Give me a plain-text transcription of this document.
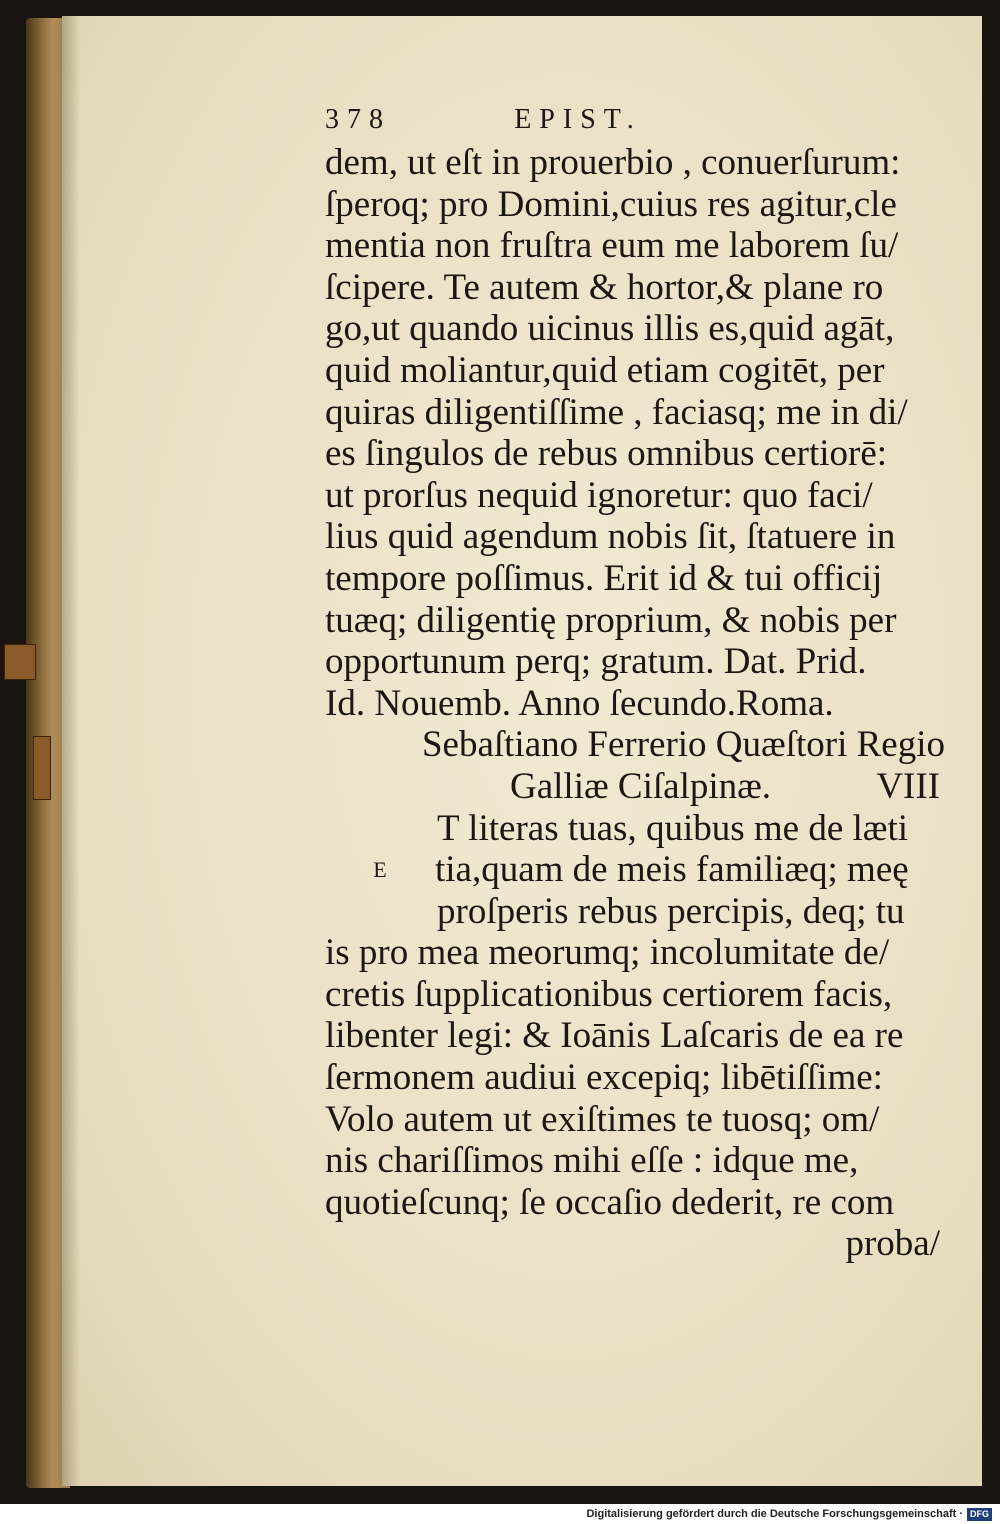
378	EPIST.
dem, ut eſt in prouerbio , conuerſurum:
ſperoq; pro Domini,cuius res agitur,cle
mentia non fruſtra eum me laborem ſu/
ſcipere. Te autem & hortor,& plane ro
go,ut quando uicinus illis es,quid agāt,
quid moliantur,quid etiam cogitēt, per
quiras diligentiſſime , faciasq; me in di/
es ſingulos de rebus omnibus certiorē:
ut prorſus nequid ignoretur: quo faci/
lius quid agendum nobis ſit, ſtatuere in
tempore poſſimus. Erit id & tui officij
tuæq; diligentię proprium, & nobis per
opportunum perq; gratum. Dat. Prid.
Id. Nouemb. Anno ſecundo.Roma.
Sebaſtiano Ferrerio Quæſtori Regio
Galliæ Ciſalpinæ.	VIII
T literas tuas, quibus me de læti
E	tia,quam de meis familiæq; meę
proſperis rebus percipis, deq; tu
is pro mea meorumq; incolumitate de/
cretis ſupplicationibus certiorem facis,
libenter legi: & Ioānis Laſcaris de ea re
ſermonem audiui excepiq; libētiſſime:
Volo autem ut exiſtimes te tuosq; om/
nis chariſſimos mihi eſſe : idque me,
quotieſcunq; ſe occaſio dederit, re com
proba/
Digitalisierung gefördert durch die Deutsche Forschungsgemeinschaft · DFG
